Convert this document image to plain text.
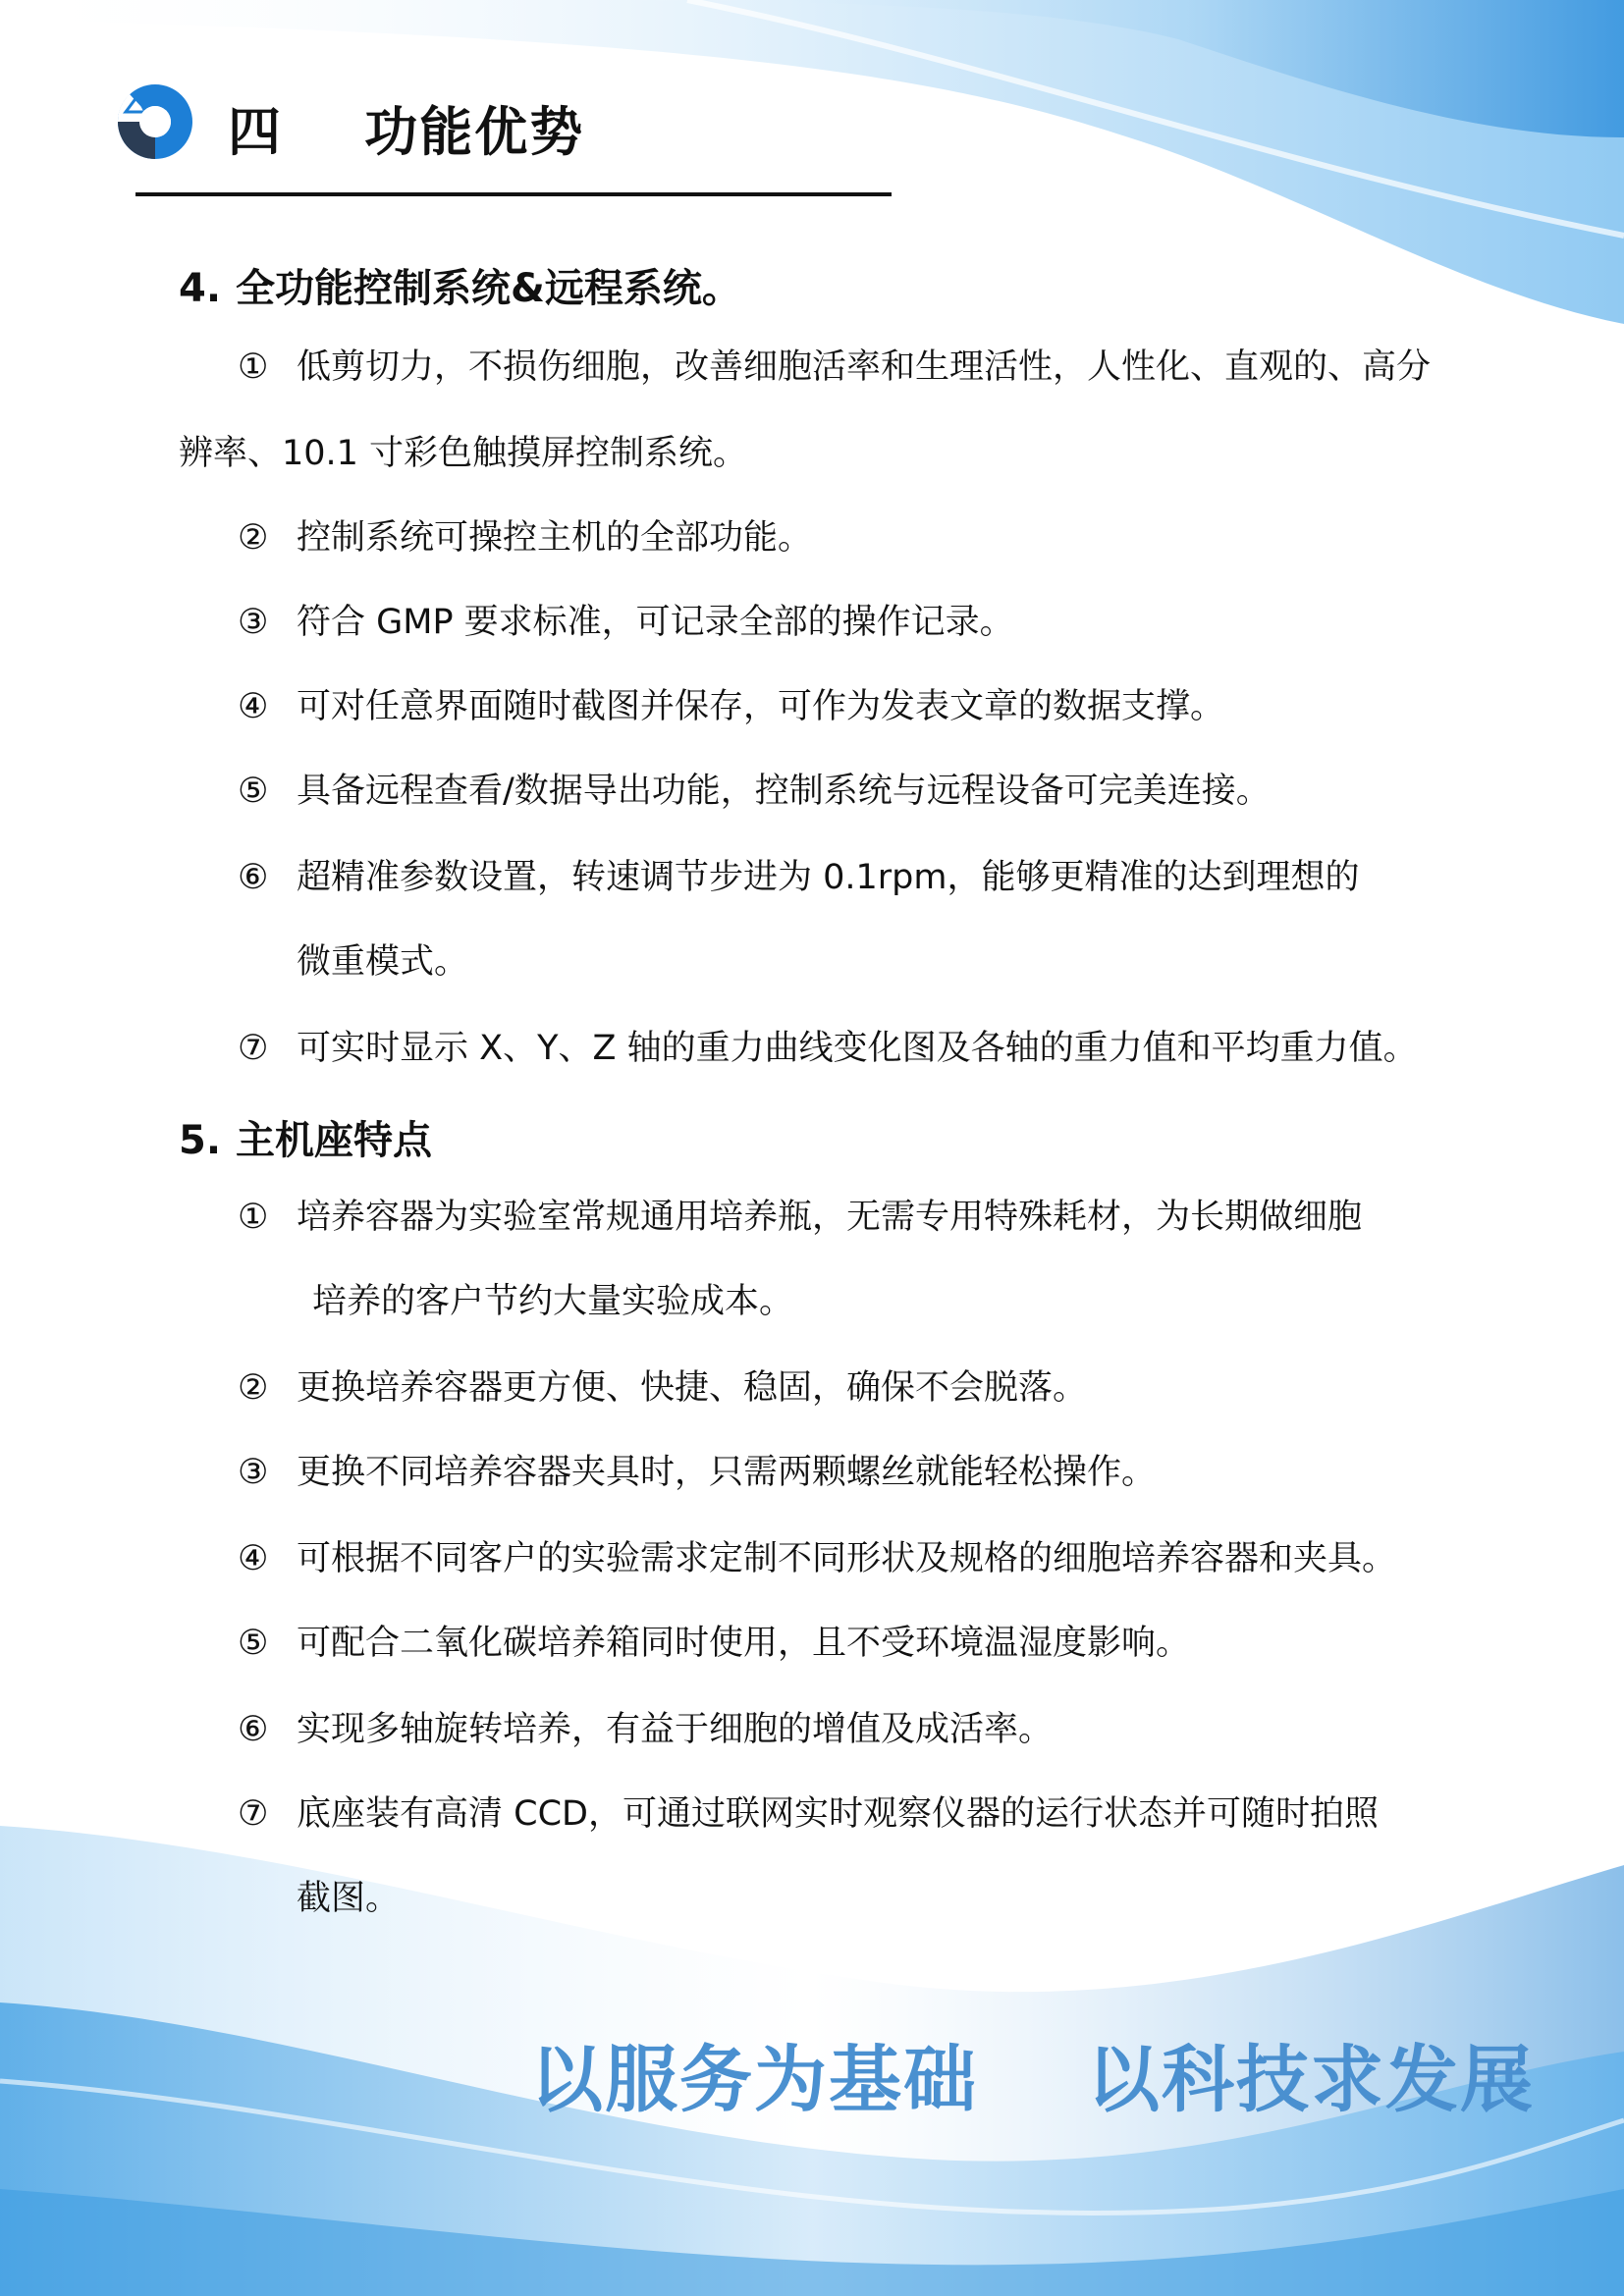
四    功能优势
4. 全功能控制系统&远程系统。
① 低剪切力，不损伤细胞，改善细胞活率和生理活性，人性化、直观的、高分
辨率、10.1 寸彩色触摸屏控制系统。
② 控制系统可操控主机的全部功能。
③ 符合 GMP 要求标准，可记录全部的操作记录。
④ 可对任意界面随时截图并保存，可作为发表文章的数据支撑。
⑤ 具备远程查看/数据导出功能，控制系统与远程设备可完美连接。
⑥ 超精准参数设置，转速调节步进为 0.1rpm，能够更精准的达到理想的
微重模式。
⑦ 可实时显示 X、Y、Z 轴的重力曲线变化图及各轴的重力值和平均重力值。
5. 主机座特点
① 培养容器为实验室常规通用培养瓶，无需专用特殊耗材，为长期做细胞
培养的客户节约大量实验成本。
② 更换培养容器更方便、快捷、稳固，确保不会脱落。
③ 更换不同培养容器夹具时，只需两颗螺丝就能轻松操作。
④ 可根据不同客户的实验需求定制不同形状及规格的细胞培养容器和夹具。
⑤ 可配合二氧化碳培养箱同时使用，且不受环境温湿度影响。
⑥ 实现多轴旋转培养，有益于细胞的增值及成活率。
⑦ 底座装有高清 CCD，可通过联网实时观察仪器的运行状态并可随时拍照
截图。
以服务为基础    以科技求发展
